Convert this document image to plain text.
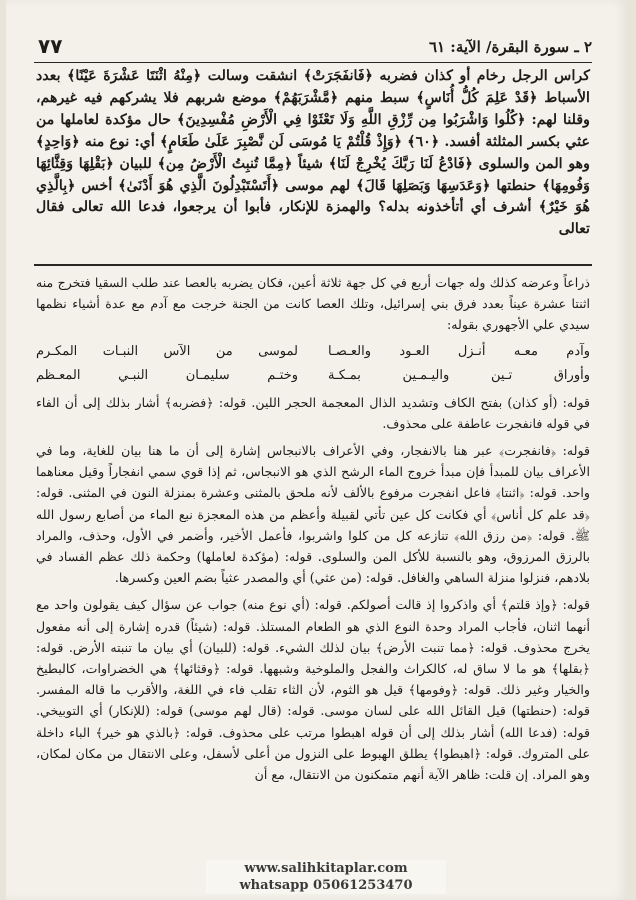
٢ ـ سورة البقرة/ الآية: ٦١
٧٧

كراس الرجل رخام أو كذان فضربه ﴿فَانفَجَرَتْ﴾ انشقت وسالت ﴿مِنْهُ اثْنَتَا عَشْرَةَ عَيْنًا﴾ بعدد الأسباط ﴿قَدْ عَلِمَ كُلُّ أُنَاسٍ﴾ سبط منهم ﴿مَّشْرَبَهُمْ﴾ موضع شربهم فلا يشركهم فيه غيرهم، وقلنا لهم: ﴿كُلُوا وَاشْرَبُوا مِن رِّزْقِ اللَّهِ وَلَا تَعْثَوْا فِي الْأَرْضِ مُفْسِدِينَ﴾ حال مؤكدة لعاملها من عثي بكسر المثلثة أفسد. ﴿٦٠﴾ ﴿وَإِذْ قُلْتُمْ يَا مُوسَى لَن نَّصْبِرَ عَلَىٰ طَعَامٍ﴾ أي: نوع منه ﴿وَاحِدٍ﴾ وهو المن والسلوى ﴿فَادْعُ لَنَا رَبَّكَ يُخْرِجْ لَنَا﴾ شيئاً ﴿مِمَّا تُنبِتُ الْأَرْضُ مِن﴾ للبيان ﴿بَقْلِهَا وَقِثَّائِهَا وَفُومِهَا﴾ حنطتها ﴿وَعَدَسِهَا وَبَصَلِهَا قَالَ﴾ لهم موسى ﴿أَتَسْتَبْدِلُونَ الَّذِي هُوَ أَدْنَىٰ﴾ أخس ﴿بِالَّذِي هُوَ خَيْرٌ﴾ أشرف أي أتأخذونه بدله؟ والهمزة للإنكار، فأبوا أن يرجعوا، فدعا الله تعالى فقال تعالى

ذراعاً وعرضه كذلك وله جهات أربع في كل جهة ثلاثة أعين، فكان يضربه بالعصا عند طلب السقيا فتخرج منه اثنتا عشرة عيناً بعدد فرق بني إسرائيل، وتلك العصا كانت من الجنة خرجت مع آدم مع عدة أشياء نظمها سيدي علي الأجهوري بقوله:

وآدم معـه أنـزل العـود والعـصـا
لموسى من الآس النبـات المكـرم
وأوراق تـين واليـمـين بمـكـة
وختـم سليمـان النبـي المعـظم

قوله: (أو كذان) بفتح الكاف وتشديد الذال المعجمة الحجر اللين. قوله: ﴿فضربه﴾ أشار بذلك إلى أن الفاء في قوله فانفجرت عاطفة على محذوف.

قوله: ﴿فانفجرت﴾ عبر هنا بالانفجار، وفي الأعراف بالانبجاس إشارة إلى أن ما هنا بيان للغاية، وما في الأعراف بيان للمبدأ فإن مبدأ خروج الماء الرشح الذي هو الانبجاس، ثم إذا قوي سمي انفجاراً وقيل معناهما واحد. قوله: ﴿اثنتا﴾ فاعل انفجرت مرفوع بالألف لأنه ملحق بالمثنى وعشرة بمنزلة النون في المثنى. قوله: ﴿قد علم كل أناس﴾ أي فكانت كل عين تأتي لقبيلة وأعظم من هذه المعجزة نبع الماء من أصابع رسول الله ﷺ. قوله: ﴿من رزق الله﴾ تنازعه كل من كلوا واشربوا، فأعمل الأخير، وأضمر في الأول، وحذف، والمراد بالرزق المرزوق، وهو بالنسبة للأكل المن والسلوى. قوله: (مؤكدة لعاملها) وحكمة ذلك عظم الفساد في بلادهم، فنزلوا منزلة الساهي والغافل. قوله: (من عثي) أي والمصدر عثياً بضم العين وكسرها.

قوله: ﴿وإذ قلتم﴾ أي واذكروا إذ قالت أصولكم. قوله: (أي نوع منه) جواب عن سؤال كيف يقولون واحد مع أنهما اثنان، فأجاب المراد وحدة النوع الذي هو الطعام المستلذ. قوله: (شيئاً) قدره إشارة إلى أنه مفعول يخرج محذوف. قوله: ﴿مما تنبت الأرض﴾ بيان لذلك الشيء. قوله: (للبيان) أي بيان ما تنبته الأرض. قوله: ﴿بقلها﴾ هو ما لا ساق له، كالكراث والفجل والملوخية وشبهها. قوله: ﴿وقثائها﴾ هي الخضراوات، كالبطيخ والخيار وغير ذلك. قوله: ﴿وفومها﴾ قيل هو الثوم، لأن الثاء تقلب فاء في اللغة، والأقرب ما قاله المفسر. قوله: (حنطتها) قيل القائل الله على لسان موسى. قوله: (قال لهم موسى) قوله: (للإنكار) أي التوبيخي. قوله: (فدعا الله) أشار بذلك إلى أن قوله اهبطوا مرتب على محذوف. قوله: ﴿بالذي هو خير﴾ الباء داخلة على المتروك. قوله: ﴿اهبطوا﴾ يطلق الهبوط على النزول من أعلى لأسفل، وعلى الانتقال من مكان لمكان، وهو المراد. إن قلت: ظاهر الآية أنهم متمكنون من الانتقال، مع أن

www.salihkitaplar.com
whatsapp 05061253470
